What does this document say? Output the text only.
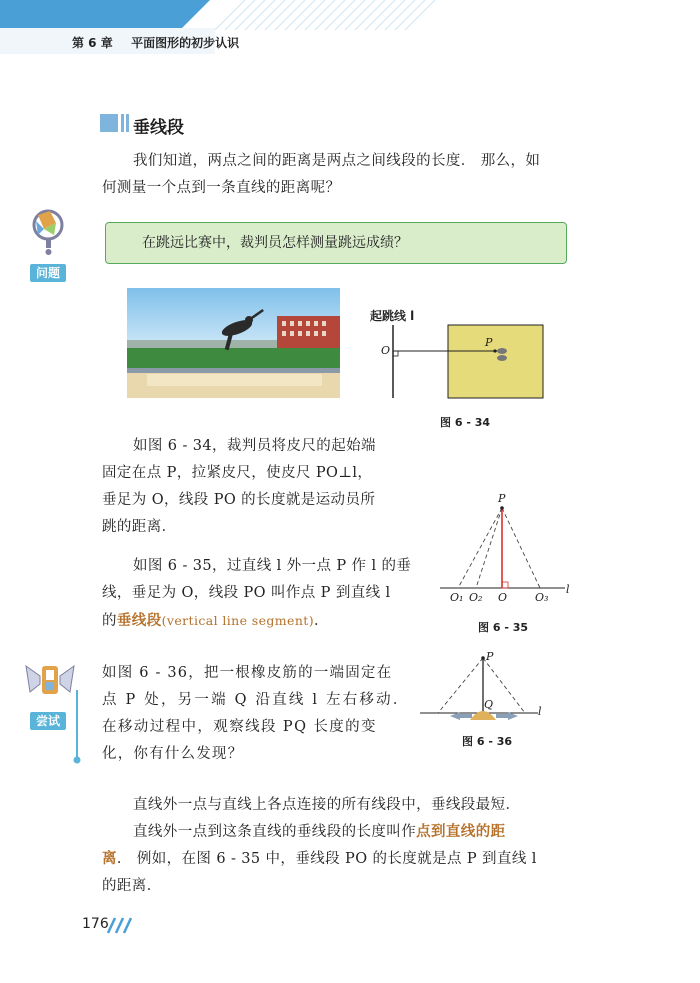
第 6 章 平面图形的初步认识
垂线段
我们知道，两点之间的距离是两点之间线段的长度． 那么，如
何测量一个点到一条直线的距离呢？
问题
在跳远比赛中，裁判员怎样测量跳远成绩？
起跳线 l
O
P
图 6 - 34
如图 6 - 34，裁判员将皮尺的起始端
固定在点 P，拉紧皮尺，使皮尺 PO⊥l，
垂足为 O，线段 PO 的长度就是运动员所
跳的距离．
如图 6 - 35，过直线 l 外一点 P 作 l 的垂
线，垂足为 O，线段 PO 叫作点 P 到直线 l
的垂线段(vertical line segment)．
P
O₁ O₂ O	O₃
l
图 6 - 35
尝试
如图 6 - 36，把一根橡皮筋的一端固定在
点 P 处，另一端 Q 沿直线 l 左右移动．
在移动过程中，观察线段 PQ 长度的变
化，你有什么发现？
P
Q
l
图 6 - 36
直线外一点与直线上各点连接的所有线段中，垂线段最短．
直线外一点到这条直线的垂线段的长度叫作点到直线的距
离． 例如，在图 6 - 35 中，垂线段 PO 的长度就是点 P 到直线 l
的距离．
176
